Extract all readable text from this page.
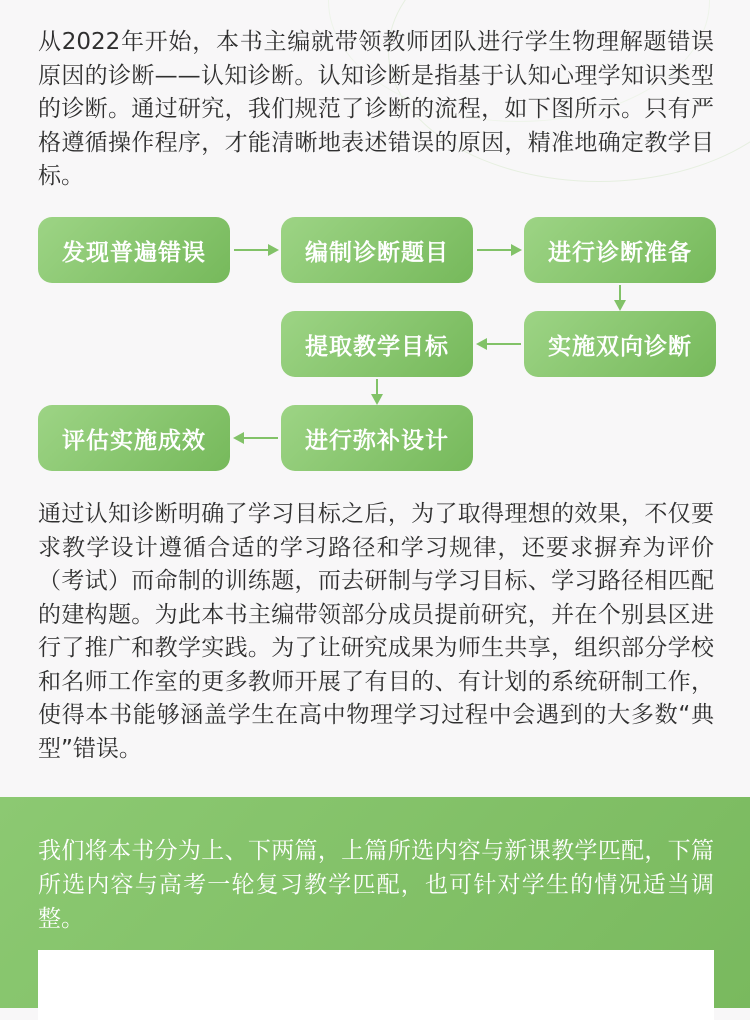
从2022年开始，本书主编就带领教师团队进行学生物理解题错误原因的诊断——认知诊断。认知诊断是指基于认知心理学知识类型的诊断。通过研究，我们规范了诊断的流程，如下图所示。只有严格遵循操作程序，才能清晰地表述错误的原因，精准地确定教学目标。

发现普遍错误	编制诊断题目	进行诊断准备
实施双向诊断
提取教学目标
进行弥补设计
评估实施成效

通过认知诊断明确了学习目标之后，为了取得理想的效果，不仅要求教学设计遵循合适的学习路径和学习规律，还要求摒弃为评价（考试）而命制的训练题，而去研制与学习目标、学习路径相匹配的建构题。为此本书主编带领部分成员提前研究，并在个别县区进行了推广和教学实践。为了让研究成果为师生共享，组织部分学校和名师工作室的更多教师开展了有目的、有计划的系统研制工作，使得本书能够涵盖学生在高中物理学习过程中会遇到的大多数“典型”错误。

我们将本书分为上、下两篇，上篇所选内容与新课教学匹配，下篇所选内容与高考一轮复习教学匹配，也可针对学生的情况适当调整。
